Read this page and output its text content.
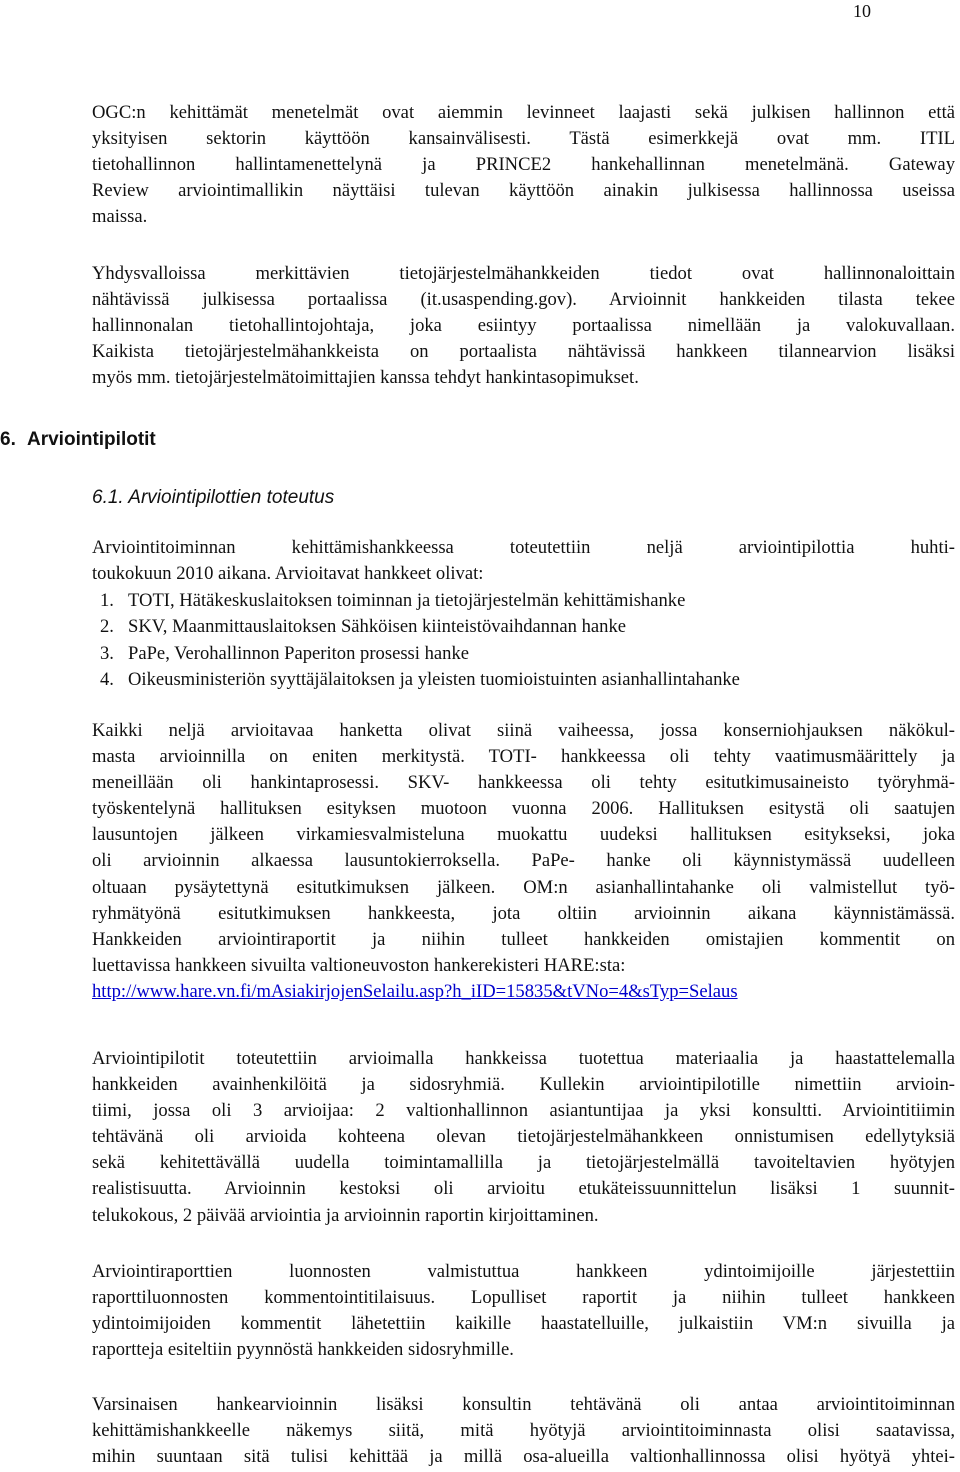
10
OGC:n kehittämät menetelmät ovat aiemmin levinneet laajasti sekä julkisen hallinnon että
yksityisen sektorin käyttöön kansainvälisesti. Tästä esimerkkejä ovat mm. ITIL
tietohallinnon hallintamenettelynä ja PRINCE2 hankehallinnan menetelmänä. Gateway
Review arviointimallikin näyttäisi tulevan käyttöön ainakin julkisessa hallinnossa useissa
maissa.
Yhdysvalloissa merkittävien tietojärjestelmähankkeiden tiedot ovat hallinnonaloittain
nähtävissä julkisessa portaalissa (it.usaspending.gov). Arvioinnit hankkeiden tilasta tekee
hallinnonalan tietohallintojohtaja, joka esiintyy portaalissa nimellään ja valokuvallaan.
Kaikista tietojärjestelmähankkeista on portaalista nähtävissä hankkeen tilannearvion lisäksi
myös mm. tietojärjestelmätoimittajien kanssa tehdyt hankintasopimukset.
6. Arviointipilotit
6.1. Arviointipilottien toteutus
Arviointitoiminnan kehittämishankkeessa toteutettiin neljä arviointipilottia huhti-
toukokuun 2010 aikana. Arvioitavat hankkeet olivat:
1. TOTI, Hätäkeskuslaitoksen toiminnan ja tietojärjestelmän kehittämishanke
2. SKV, Maanmittauslaitoksen Sähköisen kiinteistövaihdannan hanke
3. PaPe, Verohallinnon Paperiton prosessi hanke
4. Oikeusministeriön syyttäjälaitoksen ja yleisten tuomioistuinten asianhallintahanke
Kaikki neljä arvioitavaa hanketta olivat siinä vaiheessa, jossa konserniohjauksen näkökul-
masta arvioinnilla on eniten merkitystä. TOTI- hankkeessa oli tehty vaatimusmäärittely ja
meneillään oli hankintaprosessi. SKV- hankkeessa oli tehty esitutkimusaineisto työryhmä-
työskentelynä hallituksen esityksen muotoon vuonna 2006. Hallituksen esitystä oli saatujen
lausuntojen jälkeen virkamiesvalmisteluna muokattu uudeksi hallituksen esitykseksi, joka
oli arvioinnin alkaessa lausuntokierroksella. PaPe- hanke oli käynnistymässä uudelleen
oltuaan pysäytettynä esitutkimuksen jälkeen. OM:n asianhallintahanke oli valmistellut työ-
ryhmätyönä esitutkimuksen hankkeesta, jota oltiin arvioinnin aikana käynnistämässä.
Hankkeiden arviointiraportit ja niihin tulleet hankkeiden omistajien kommentit on
luettavissa hankkeen sivuilta valtioneuvoston hankerekisteri HARE:sta:
http://www.hare.vn.fi/mAsiakirjojenSelailu.asp?h_iID=15835&tVNo=4&sTyp=Selaus
Arviointipilotit toteutettiin arvioimalla hankkeissa tuotettua materiaalia ja haastattelemalla
hankkeiden avainhenkilöitä ja sidosryhmiä. Kullekin arviointipilotille nimettiin arvioin-
tiimi, jossa oli 3 arvioijaa: 2 valtionhallinnon asiantuntijaa ja yksi konsultti. Arviointitiimin
tehtävänä oli arvioida kohteena olevan tietojärjestelmähankkeen onnistumisen edellytyksiä
sekä kehitettävällä uudella toimintamallilla ja tietojärjestelmällä tavoiteltavien hyötyjen
realistisuutta. Arvioinnin kestoksi oli arvioitu etukäteissuunnittelun lisäksi 1 suunnit-
telukokous, 2 päivää arviointia ja arvioinnin raportin kirjoittaminen.
Arviointiraporttien luonnosten valmistuttua hankkeen ydintoimijoille järjestettiin
raporttiluonnosten kommentointitilaisuus. Lopulliset raportit ja niihin tulleet hankkeen
ydintoimijoiden kommentit lähetettiin kaikille haastatelluille, julkaistiin VM:n sivuilla ja
raportteja esiteltiin pyynnöstä hankkeiden sidosryhmille.
Varsinaisen hankearvioinnin lisäksi konsultin tehtävänä oli antaa arviointitoiminnan
kehittämishankkeelle näkemys siitä, mitä hyötyjä arviointitoiminnasta olisi saatavissa,
mihin suuntaan sitä tulisi kehittää ja millä osa-alueilla valtionhallinnossa olisi hyötyä yhtei-
